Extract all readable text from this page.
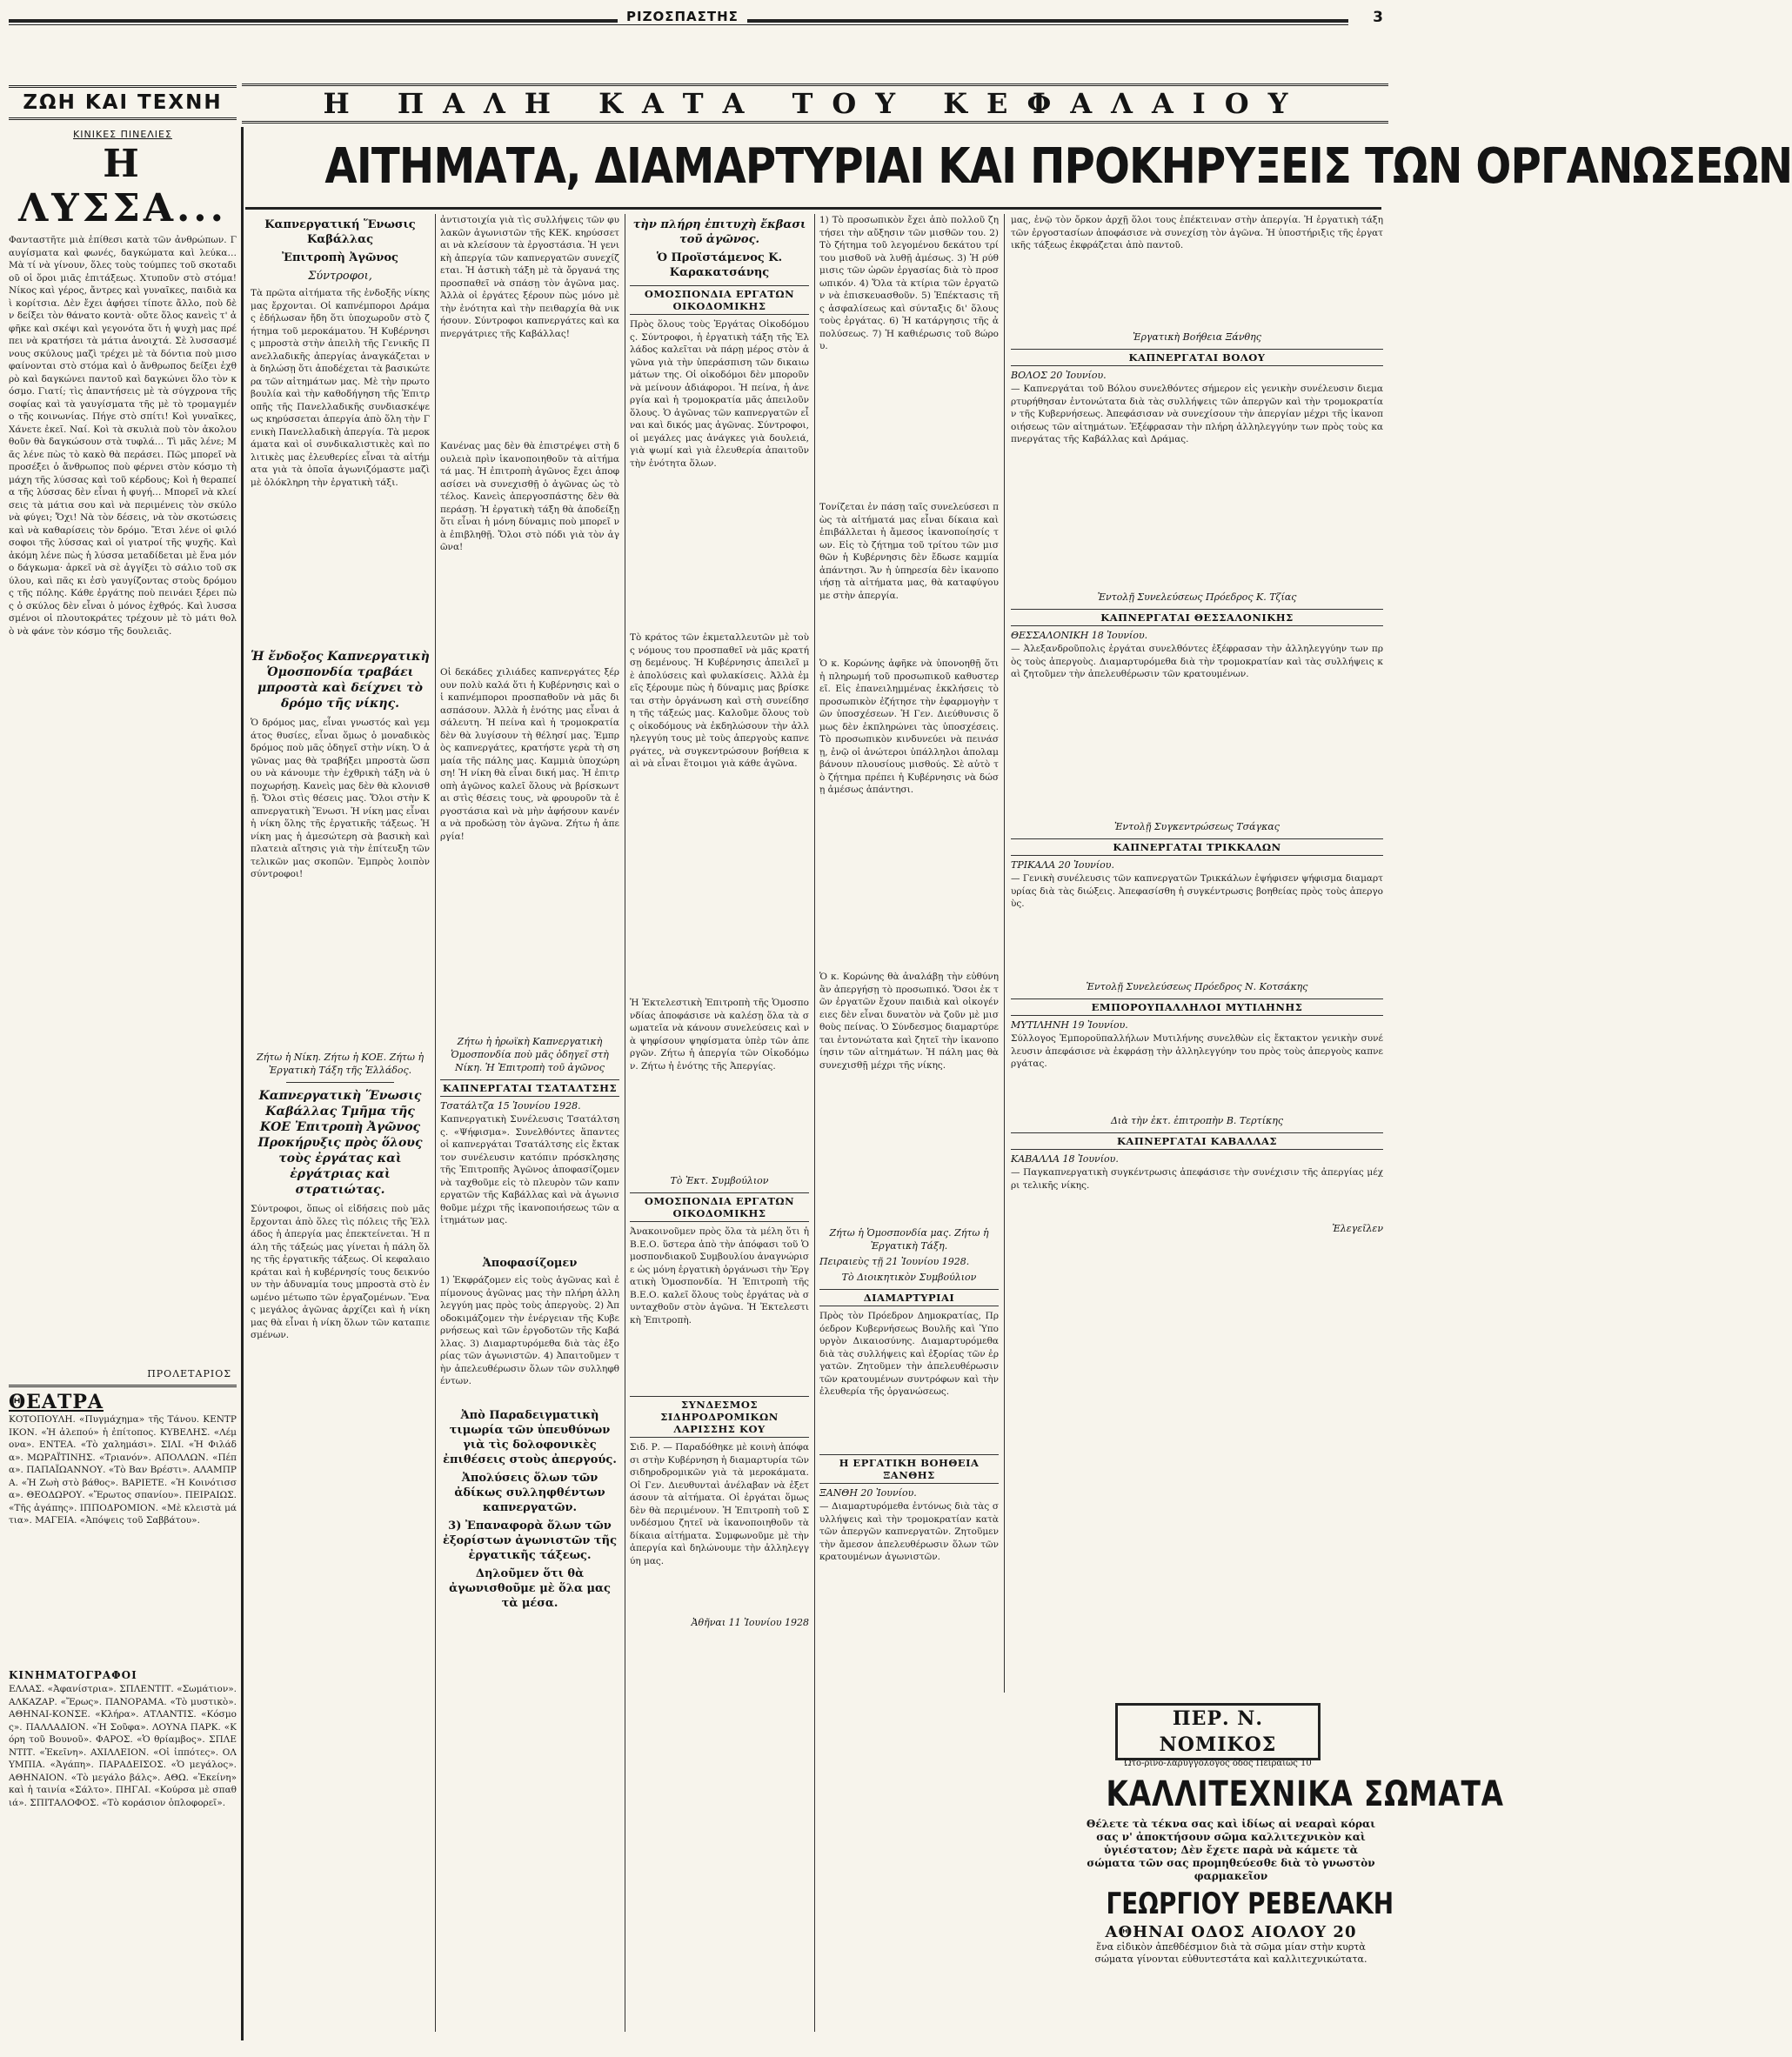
ΡΙΖΟΣΠΑΣΤΗΣ	3
ΖΩΗ ΚΑΙ ΤΕΧΝΗ	Η ΠΑΛΗ ΚΑΤΑ ΤΟΥ ΚΕΦΑΛΑΙΟΥ
ΚΙΝΙΚΕΣ ΠΙΝΕΛΙΕΣ
Η ΛΥΣΣΑ...
Φανταστῆτε μιὰ ἐπίθεσι κατὰ τῶν ἀνθρώπων. Γαυγίσματα καὶ φωνές, δαγκώματα καὶ λεύκα… Μὰ τί νὰ γίνουν, ὅλες τοὺς τούμπες τοῦ σκοταδιοῦ οἱ ὅροι μιᾶς ἐπιτάξεως. Χτυποῦν στὸ στόμα! Νίκος καὶ γέρος, ἄντρες καὶ γυναῖκες, παιδιὰ καὶ κορίτσια. Δὲν ἔχει ἀφήσει τίποτε ἄλλο, ποὺ δὲν δείξει τὸν θάνατο κοντὰ· οὔτε ὅλος κανεὶς τ' ἀφῆκε καὶ σκέψι καὶ γεγονότα ὅτι ἡ ψυχὴ μας πρέπει νὰ κρατήσει τὰ μάτια ἀνοιχτά. Σὲ λυσσασμένους σκύλους μαζὶ τρέχει μὲ τὰ δόντια ποὺ μισοφαίνονται στὸ στόμα καὶ ὁ ἄνθρωπος δείξει ἐχθρὸ καὶ δαγκώνει παντοῦ καὶ δαγκώνει ὅλο τὸν κόσμο. Γιατί; τὶς ἀπαντήσεις μὲ τὰ σύγχρονα τῆς σοφίας καὶ τὰ γαυγίσματα τῆς μὲ τὸ τρομαγμένο τῆς κοινωνίας. Πήγε στὸ σπίτι! Κοὶ γυναῖκες, Χάνετε ἐκεῖ. Ναί. Κοὶ τὰ σκυλιὰ ποὺ τὸν ἀκολουθοῦν θὰ δαγκώσουν στὰ τυφλά… Τὶ μᾶς λένε; Μᾶς λένε πὼς τὸ κακὸ θὰ περάσει. Πῶς μπορεῖ νὰ προσέξει ὁ ἄνθρωπος ποὺ φέρνει στὸν κόσμο τὴ μάχη τῆς λύσσας καὶ τοῦ κέρδους; Κοὶ ἡ θεραπεία τῆς λύσσας δὲν εἶναι ἡ φυγή… Μπορεῖ νὰ κλείσεις τὰ μάτια σου καὶ νὰ περιμένεις τὸν σκύλο νὰ φύγει; Ὄχι! Νὰ τὸν δέσεις, νὰ τὸν σκοτώσεις καὶ νὰ καθαρίσεις τὸν δρόμο. Ἔτσι λένε οἱ φιλόσοφοι τῆς λύσσας καὶ οἱ γιατροί τῆς ψυχῆς. Καὶ ἀκόμη λένε πὼς ἡ λύσσα μεταδίδεται μὲ ἕνα μόνο δάγκωμα· ἀρκεῖ νὰ σὲ ἀγγίξει τὸ σάλιο τοῦ σκύλου, καὶ πᾶς κι ἐσὺ γαυγίζοντας στοὺς δρόμους τῆς πόλης. Κάθε ἐργάτης ποὺ πεινάει ξέρει πὼς ὁ σκύλος δὲν εἶναι ὁ μόνος ἐχθρός. Καὶ λυσσασμένοι οἱ πλουτοκράτες τρέχουν μὲ τὸ μάτι θολὸ νὰ φάνε τὸν κόσμο τῆς δουλειᾶς.
ΠΡΟΛΕΤΑΡΙΟΣ
ΘΕΑΤΡΑ
ΚΟΤΟΠΟΥΛΗ. «Πυγμάχημα» τῆς Τάνου. ΚΕΝΤΡΙΚΟΝ. «Ἡ ἀλεπού» ἡ ἐπίτοπος. ΚΥΒΕΛΗΣ. «Λέμονα». ΕΝΤΕΑ. «Τὸ χαλημάσι». ΣΙΛΙ. «Ἡ Φιλάδα». ΜΩΡΑΪΤΙΝΗΣ. «Τριανόν». ΑΠΟΛΛΩΝ. «Πέπα». ΠΑΠΑΪΩΑΝΝΟΥ. «Τὸ Βαν Βρέστι». ΑΛΑΜΠΡΑ. «Ἡ Ζωὴ στὸ βάθος». ΒΑΡΙΕΤΕ. «Ἡ Κοινότισσα». ΘΕΟΔΩΡΟΥ. «Ἔρωτος σπανίου». ΠΕΙΡΑΙΩΣ. «Τῆς ἀγάπης». ΙΠΠΟΔΡΟΜΙΟΝ. «Μὲ κλειστὰ μάτια». ΜΑΓΕΙΑ. «Ἀπόψεις τοῦ Σαββάτου».
ΚΙΝΗΜΑΤΟΓΡΑΦΟΙ
ΕΛΛΑΣ. «Ἀφανίστρια». ΣΠΛΕΝΤΙΤ. «Σωμάτιον». ΑΛΚΑΖΑΡ. «Ἔρως». ΠΑΝΟΡΑΜΑ. «Τὸ μυστικὸ». ΑΘΗΝΑΙ-ΚΟΝΣΕ. «Κλήρα». ΑΤΛΑΝΤΙΣ. «Κόσμος». ΠΑΛΛΑΔΙΟΝ. «Ἡ Σοῦφα». ΛΟΥΝΑ ΠΑΡΚ. «Κόρη τοῦ Βουνοῦ». ΦΑΡΟΣ. «Ὁ θρίαμβος». ΣΠΛΕΝΤΙΤ. «Ἐκεῖνη». ΑΧΙΛΛΕΙΟΝ. «Οἱ ἱππότες». ΟΛΥΜΠΙΑ. «Ἀγάπη». ΠΑΡΑΔΕΙΣΟΣ. «Ὁ μεγάλος». ΑΘΗΝΑΙΟΝ. «Τὸ μεγάλο βάλς». ΑΘΩ. «Ἐκείνη» καὶ ἡ ταινία «Σάλτο». ΠΗΓΑΙ. «Κούρσα μὲ σπαθιά». ΣΠΙΤΑΛΟΦΟΣ. «Τὸ κοράσιον ὁπλοφορεῖ».
ΑΙΤΗΜΑΤΑ, ΔΙΑΜΑΡΤΥΡΙΑΙ ΚΑΙ ΠΡΟΚΗΡΥΞΕΙΣ ΤΩΝ ΟΡΓΑΝΩΣΕΩΝ
Καπνεργατική Ἕνωσις Καβάλλας
Ἐπιτροπὴ Ἀγῶνος
Σύντροφοι,
Τὰ πρῶτα αἰτήματα τῆς ἐνδοξῆς νίκης μας ἔρχονται. Οἱ καπνέμποροι Δράμας ἐδήλωσαν ἤδη ὅτι ὑποχωροῦν στὸ ζήτημα τοῦ μεροκάματου. Ἡ Κυβέρνησις μπροστὰ στὴν ἀπειλὴ τῆς Γενικῆς Πανελλαδικῆς ἀπεργίας ἀναγκάζεται νὰ δηλώσῃ ὅτι ἀποδέχεται τὰ βασικώτερα τῶν αἰτημάτων μας. Μὲ τὴν πρωτοβουλία καὶ τὴν καθοδήγηση τῆς Ἐπιτροπῆς τῆς Πανελλαδικῆς συνδιασκέψεως κηρύσσεται ἀπεργία ἀπὸ ὅλη τὴν Γενικὴ Πανελλαδικὴ ἀπεργία. Τὰ μεροκάματα καὶ οἱ συνδικαλιστικὲς καὶ πολιτικὲς μας ἐλευθερίες εἶναι τὰ αἰτήματα γιὰ τὰ ὁποῖα ἀγωνιζόμαστε μαζὶ μὲ ὁλόκληρη τὴν ἐργατικὴ τάξι.
Ἡ ἔνδοξος Καπνεργατικὴ Ὁμοσπονδία τραβάει μπροστὰ καὶ δείχνει τὸ δρόμο τῆς νίκης.
Ὁ δρόμος μας, εἶναι γνωστός καὶ γεμάτος θυσίες, εἶναι ὅμως ὁ μοναδικὸς δρόμος ποὺ μᾶς ὁδηγεῖ στὴν νίκη. Ὁ ἀγῶνας μας θὰ τραβήξει μπροστὰ ὥσπου νὰ κάνουμε τὴν ἐχθρικὴ τάξη νὰ ὑποχωρήσῃ. Κανεὶς μας δὲν θὰ κλονισθῇ. Ὅλοι στὶς θέσεις μας. Ὅλοι στὴν Καπνεργατικὴ Ἕνωσι. Ἡ νίκη μας εἶναι ἡ νίκη ὅλης τῆς ἐργατικῆς τάξεως. Ἡ νίκη μας ἡ ἀμεσώτερη σὰ βασικὴ καὶ πλατειὰ αἴτησις γιὰ τὴν ἐπίτευξη τῶν τελικῶν μας σκοπῶν. Ἐμπρὸς λοιπὸν σύντροφοι!
Ζήτω ἡ Νίκη. Ζήτω ἡ ΚΟΕ. Ζήτω ἡ Ἐργατικὴ Τάξη τῆς Ἑλλάδος.
Καπνεργατικὴ Ἕνωσις Καβάλλας Τμῆμα τῆς ΚΟΕ Ἐπιτροπὴ Ἀγῶνος Προκήρυξις πρὸς ὅλους τοὺς ἐργάτας καὶ ἐργάτριας καὶ στρατιώτας.
Σύντροφοι, ὅπως οἱ εἰδήσεις ποὺ μᾶς ἔρχονται ἀπὸ ὅλες τὶς πόλεις τῆς Ἑλλάδος ἡ ἀπεργία μας ἐπεκτείνεται. Ἡ πάλη τῆς τάξεώς μας γίνεται ἡ πάλη ὅλης τῆς ἐργατικῆς τάξεως. Οἱ κεφαλαιοκράται καὶ ἡ κυβέρνησίς τους δεικνύουν τὴν ἀδυναμία τους μπροστὰ στὸ ἑνωμένο μέτωπο τῶν ἐργαζομένων. Ἕνας μεγάλος ἀγῶνας ἀρχίζει καὶ ἡ νίκη μας θὰ εἶναι ἡ νίκη ὅλων τῶν καταπιεσμένων.
ἀντιστοιχία γιὰ τὶς συλλήψεις τῶν φυλακῶν ἀγωνιστῶν τῆς ΚΕΚ. κηρύσσεται νὰ κλείσουν τὰ ἐργοστάσια. Ἡ γενικὴ ἀπεργία τῶν καπνεργατῶν συνεχίζεται. Ἡ ἀστικὴ τάξη μὲ τὰ ὄργανά της προσπαθεῖ νὰ σπάσῃ τὸν ἀγῶνα μας. Ἀλλὰ οἱ ἐργάτες ξέρουν πὼς μόνο μὲ τὴν ἑνότητα καὶ τὴν πειθαρχία θὰ νικήσουν. Σύντροφοι καπνεργάτες καὶ καπνεργάτριες τῆς Καβάλλας!
Κανένας μας δὲν θὰ ἐπιστρέψει στὴ δουλειὰ πρὶν ἱκανοποιηθοῦν τὰ αἰτήματά μας. Ἡ ἐπιτροπὴ ἀγῶνος ἔχει ἀποφασίσει νὰ συνεχισθῇ ὁ ἀγῶνας ὡς τὸ τέλος. Κανεὶς ἀπεργοσπάστης δὲν θὰ περάσῃ. Ἡ ἐργατικὴ τάξη θὰ ἀποδείξῃ ὅτι εἶναι ἡ μόνη δύναμις ποὺ μπορεῖ νὰ ἐπιβληθῇ. Ὅλοι στὸ πόδι γιὰ τὸν ἀγῶνα!
Οἱ δεκάδες χιλιάδες καπνεργάτες ξέρουν πολὺ καλά ὅτι ἡ Κυβέρνησις καὶ οἱ καπνέμποροι προσπαθοῦν νὰ μᾶς διασπάσουν. Ἀλλὰ ἡ ἑνότης μας εἶναι ἀσάλευτη. Ἡ πείνα καὶ ἡ τρομοκρατία δὲν θὰ λυγίσουν τὴ θέλησί μας. Ἐμπρὸς καπνεργάτες, κρατήστε γερὰ τὴ σημαία τῆς πάλης μας. Καμμιὰ ὑποχώρηση! Ἡ νίκη θὰ εἶναι δική μας. Ἡ ἐπιτροπὴ ἀγῶνος καλεῖ ὅλους νὰ βρίσκωνται στὶς θέσεις τους, νὰ φρουροῦν τὰ ἐργοστάσια καὶ νὰ μὴν ἀφήσουν κανένα νὰ προδώσῃ τὸν ἀγῶνα. Ζήτω ἡ ἀπεργία!
Ζήτω ἡ ἡρωϊκὴ Καπνεργατικὴ Ὁμοσπονδία ποὺ μᾶς ὁδηγεῖ στὴ Νίκη. Ἡ Ἐπιτροπὴ τοῦ ἀγῶνος
ΚΑΠΝΕΡΓΑΤΑΙ ΤΣΑΤΑΛΤΣΗΣ
Τσατάλτζα 15 Ἰουνίου 1928.
Καπνεργατικὴ Συνέλευσις Τσατάλτσης. «Ψήφισμα». Συνελθόντες ἅπαντες οἱ καπνεργάται Τσατάλτσης εἰς ἔκτακτον συνέλευσιν κατόπιν πρόσκλησης τῆς Ἐπιτροπῆς Ἀγῶνος ἀποφασίζομεν νὰ ταχθοῦμε εἰς τὸ πλευρὸν τῶν καπνεργατῶν τῆς Καβάλλας καὶ νὰ ἀγωνισθοῦμε μέχρι τῆς ἱκανοποιήσεως τῶν αἰτημάτων μας.
Ἀποφασίζομεν
1) Ἐκφράζομεν εἰς τοὺς ἀγῶνας καὶ ἐπίμονους ἀγῶνας μας τὴν πλήρη ἀλληλεγγύη μας πρὸς τοὺς ἀπεργοὺς. 2) Ἀποδοκιμάζομεν τὴν ἐνέργειαν τῆς Κυβερνήσεως καὶ τῶν ἐργοδοτῶν τῆς Καβάλλας. 3) Διαμαρτυρόμεθα διὰ τὰς ἐξορίας τῶν ἀγωνιστῶν. 4) Ἀπαιτοῦμεν τὴν ἀπελευθέρωσιν ὅλων τῶν συλληφθέντων.
Ἀπὸ Παραδειγματικὴ τιμωρία τῶν ὑπευθύνων γιὰ τὶς δολοφονικὲς ἐπιθέσεις στοὺς ἀπεργούς.
Ἀπολύσεις ὅλων τῶν ἀδίκως συλληφθέντων καπνεργατῶν.
3) Ἐπαναφορὰ ὅλων τῶν ἐξορίστων ἀγωνιστῶν τῆς ἐργατικῆς τάξεως.
Δηλοῦμεν ὅτι θὰ ἀγωνισθοῦμε μὲ ὅλα μας τὰ μέσα.
τὴν πλήρη ἐπιτυχὴ ἔκβασι τοῦ ἀγῶνος.
Ὁ Προϊστάμενος Κ. Καρακατσάνης
ΟΜΟΣΠΟΝΔΙΑ ΕΡΓΑΤΩΝ ΟΙΚΟΔΟΜΙΚΗΣ
Πρὸς ὅλους τοὺς Ἐργάτας Οἰκοδόμους. Σύντροφοι, ἡ ἐργατικὴ τάξη τῆς Ἑλλάδος καλεῖται νὰ πάρῃ μέρος στὸν ἀγῶνα γιὰ τὴν ὑπεράσπιση τῶν δικαιωμάτων της. Οἱ οἰκοδόμοι δὲν μποροῦν νὰ μείνουν ἀδιάφοροι. Ἡ πείνα, ἡ ἀνεργία καὶ ἡ τρομοκρατία μᾶς ἀπειλοῦν ὅλους. Ὁ ἀγῶνας τῶν καπνεργατῶν εἶναι καὶ δικός μας ἀγῶνας. Σύντροφοι, οἱ μεγάλες μας ἀνάγκες γιὰ δουλειά, γιὰ ψωμί καὶ γιὰ ἐλευθερία ἀπαιτοῦν τὴν ἑνότητα ὅλων.
Τὸ κράτος τῶν ἐκμεταλλευτῶν μὲ τοὺς νόμους του προσπαθεῖ νὰ μᾶς κρατήσῃ δεμένους. Ἡ Κυβέρνησις ἀπειλεῖ μὲ ἀπολύσεις καὶ φυλακίσεις. Ἀλλὰ ἐμεῖς ξέρουμε πὼς ἡ δύναμις μας βρίσκεται στὴν ὀργάνωση καὶ στὴ συνείδηση τῆς τάξεώς μας. Καλοῦμε ὅλους τοὺς οἰκοδόμους νὰ ἐκδηλώσουν τὴν ἀλληλεγγύη τους μὲ τοὺς ἀπεργοὺς καπνεργάτες, νὰ συγκεντρώσουν βοήθεια καὶ νὰ εἶναι ἕτοιμοι γιὰ κάθε ἀγῶνα.
Ἡ Ἐκτελεστικὴ Ἐπιτροπὴ τῆς Ὁμοσπονδίας ἀποφάσισε νὰ καλέσῃ ὅλα τὰ σωματεῖα νὰ κάνουν συνελεύσεις καὶ νὰ ψηφίσουν ψηφίσματα ὑπὲρ τῶν ἀπεργῶν. Ζήτω ἡ ἀπεργία τῶν Οἰκοδόμων. Ζήτω ἡ ἑνότης τῆς Ἀπεργίας.
Τὸ Ἐκτ. Συμβούλιον
ΟΜΟΣΠΟΝΔΙΑ ΕΡΓΑΤΩΝ ΟΙΚΟΔΟΜΙΚΗΣ
Ἀνακοινοῦμεν πρὸς ὅλα τὰ μέλη ὅτι ἡ Β.Ε.Ο. ὕστερα ἀπὸ τὴν ἀπόφασι τοῦ Ὁμοσπονδιακοῦ Συμβουλίου ἀναγνώρισε ὡς μόνη ἐργατικὴ ὀργάνωσι τὴν Ἐργατικὴ Ὁμοσπονδία. Ἡ Ἐπιτροπὴ τῆς Β.Ε.Ο. καλεῖ ὅλους τοὺς ἐργάτας νὰ συνταχθοῦν στὸν ἀγῶνα. Ἡ Ἐκτελεστικὴ Ἐπιτροπὴ.
ΣΥΝΔΕΣΜΟΣ ΣΙΔΗΡΟΔΡΟΜΙΚΩΝ ΛΑΡΙΣΣΗΣ ΚΟΥ
Σιδ. Ρ. — Παραδόθηκε μὲ κοινὴ ἀπόφασι στὴν Κυβέρνηση ἡ διαμαρτυρία τῶν σιδηροδρομικῶν γιὰ τὰ μεροκάματα. Οἱ Γεν. Διευθυνταὶ ἀνέλαβαν νὰ ἐξετάσουν τὰ αἰτήματα. Οἱ ἐργάται ὅμως δὲν θὰ περιμένουν. Ἡ Ἐπιτροπὴ τοῦ Συνδέσμου ζητεῖ νὰ ἱκανοποιηθοῦν τὰ δίκαια αἰτήματα. Συμφωνοῦμε μὲ τὴν ἀπεργία καὶ δηλώνουμε τὴν ἀλληλεγγύη μας.
Ἀθῆναι 11 Ἰουνίου 1928
1) Τὸ προσωπικὸν ἔχει ἀπὸ πολλοῦ ζητήσει τὴν αὔξησιν τῶν μισθῶν του. 2) Τὸ ζήτημα τοῦ λεγομένου δεκάτου τρίτου μισθοῦ νὰ λυθῇ ἀμέσως. 3) Ἡ ρύθμισις τῶν ὡρῶν ἐργασίας διὰ τὸ προσωπικόν. 4) Ὅλα τὰ κτίρια τῶν ἐργατῶν νὰ ἐπισκευασθοῦν. 5) Ἐπέκτασις τῆς ἀσφαλίσεως καὶ σύνταξις δι' ὅλους τοὺς ἐργάτας. 6) Ἡ κατάργησις τῆς ἀπολύσεως. 7) Ἡ καθιέρωσις τοῦ 8ώρου.
Τονίζεται ἐν πάσῃ ταῖς συνελεύσεσι πὼς τὰ αἰτήματά μας εἶναι δίκαια καὶ ἐπιβάλλεται ἡ ἄμεσος ἱκανοποίησίς των. Εἰς τὸ ζήτημα τοῦ τρίτου τῶν μισθῶν ἡ Κυβέρνησις δὲν ἔδωσε καμμία ἀπάντησι. Ἄν ἡ ὑπηρεσία δὲν ἱκανοποιήσῃ τὰ αἰτήματα μας, θὰ καταφύγουμε στὴν ἀπεργία.
Ὁ κ. Κορώνης ἀφῆκε νὰ ὑπονοηθῇ ὅτι ἡ πληρωμή τοῦ προσωπικοῦ καθυστερεῖ. Εἰς ἐπανειλημμένας ἐκκλήσεις τὸ προσωπικὸν ἐζήτησε τὴν ἐφαρμογὴν τῶν ὑποσχέσεων. Ἡ Γεν. Διεύθυνσις ὅμως δὲν ἐκπληρώνει τὰς ὑποσχέσεις. Τὸ προσωπικὸν κινδυνεύει νὰ πεινάσῃ, ἐνῷ οἱ ἀνώτεροι ὑπάλληλοι ἀπολαμβάνουν πλουσίους μισθούς. Σὲ αὐτὸ τὸ ζήτημα πρέπει ἡ Κυβέρνησις νὰ δώσῃ ἀμέσως ἀπάντησι.
Ὁ κ. Κορώνης θὰ ἀναλάβῃ τὴν εὐθύνη ἂν ἀπεργήσῃ τὸ προσωπικό. Ὅσοι ἐκ τῶν ἐργατῶν ἔχουν παιδιὰ καὶ οἰκογένειες δὲν εἶναι δυνατὸν νὰ ζοῦν μὲ μισθοὺς πείνας. Ὁ Σύνδεσμος διαμαρτύρεται ἐντονώτατα καὶ ζητεῖ τὴν ἱκανοποίησιν τῶν αἰτημάτων. Ἡ πάλη μας θὰ συνεχισθῇ μέχρι τῆς νίκης.
Ζήτω ἡ Ὁμοσπονδία μας. Ζήτω ἡ Ἐργατικὴ Τάξη.
Πειραιεὺς τῇ 21 Ἰουνίου 1928.
Τὸ Διοικητικὸν Συμβούλιον
ΔΙΑΜΑΡΤΥΡΙΑΙ
Πρὸς τὸν Πρόεδρον Δημοκρατίας, Πρόεδρον Κυβερνήσεως Βουλῆς καὶ Ὑπουργὸν Δικαιοσύνης. Διαμαρτυρόμεθα διὰ τὰς συλλήψεις καὶ ἐξορίας τῶν ἐργατῶν. Ζητοῦμεν τὴν ἀπελευθέρωσιν τῶν κρατουμένων συντρόφων καὶ τὴν ἐλευθερία τῆς ὀργανώσεως.
Η ΕΡΓΑΤΙΚΗ ΒΟΗΘΕΙΑ ΞΑΝΘΗΣ
ΞΑΝΘΗ 20 Ἰουνίου.
— Διαμαρτυρόμεθα ἐντόνως διὰ τὰς συλλήψεις καὶ τὴν τρομοκρατίαν κατὰ τῶν ἀπεργῶν καπνεργατῶν. Ζητοῦμεν τὴν ἄμεσον ἀπελευθέρωσιν ὅλων τῶν κρατουμένων ἀγωνιστῶν.
μας, ἐνῷ τὸν ὄρκον ἀρχῇ ὅλοι τους ἐπέκτειναν στὴν ἀπεργία. Ἡ ἐργατικὴ τάξη τῶν ἐργοστασίων ἀποφάσισε νὰ συνεχίσῃ τὸν ἀγῶνα. Ἡ ὑποστήριξις τῆς ἐργατικῆς τάξεως ἐκφράζεται ἀπὸ παντοῦ.
Ἐργατικὴ Βοήθεια Ξάνθης
ΚΑΠΝΕΡΓΑΤΑΙ ΒΟΛΟΥ
ΒΟΛΟΣ 20 Ἰουνίου.
— Καπνεργάται τοῦ Βόλου συνελθόντες σήμερον εἰς γενικὴν συνέλευσιν διεμαρτυρήθησαν ἐντονώτατα διὰ τὰς συλλήψεις τῶν ἀπεργῶν καὶ τὴν τρομοκρατίαν τῆς Κυβερνήσεως. Ἀπεφάσισαν νὰ συνεχίσουν τὴν ἀπεργίαν μέχρι τῆς ἱκανοποιήσεως τῶν αἰτημάτων. Ἐξέφρασαν τὴν πλήρη ἀλληλεγγύην των πρὸς τοὺς καπνεργάτας τῆς Καβάλλας καὶ Δράμας.
Ἐντολῇ Συνελεύσεως Πρόεδρος Κ. Τζίας
ΚΑΠΝΕΡΓΑΤΑΙ ΘΕΣΣΑΛΟΝΙΚΗΣ
ΘΕΣΣΑΛΟΝΙΚΗ 18 Ἰουνίου.
— Ἀλεξανδροῦπολις ἐργάται συνελθόντες ἐξέφρασαν τὴν ἀλληλεγγύην των πρὸς τοὺς ἀπεργοὺς. Διαμαρτυρόμεθα διὰ τὴν τρομοκρατίαν καὶ τὰς συλλήψεις καὶ ζητοῦμεν τὴν ἀπελευθέρωσιν τῶν κρατουμένων.
Ἐντολῇ Συγκεντρώσεως Τσάγκας
ΚΑΠΝΕΡΓΑΤΑΙ ΤΡΙΚΚΑΛΩΝ
ΤΡΙΚΑΛΑ 20 Ἰουνίου.
— Γενικὴ συνέλευσις τῶν καπνεργατῶν Τρικκάλων ἐψήφισεν ψήφισμα διαμαρτυρίας διὰ τὰς διώξεις. Ἀπεφασίσθη ἡ συγκέντρωσις βοηθείας πρὸς τοὺς ἀπεργοὺς.
Ἐντολῇ Συνελεύσεως Πρόεδρος Ν. Κοτσάκης
ΕΜΠΟΡΟΥΠΑΛΛΗΛΟΙ ΜΥΤΙΛΗΝΗΣ
ΜΥΤΙΛΗΝΗ 19 Ἰουνίου.
Σύλλογος Ἐμποροϋπαλλήλων Μυτιλήνης συνελθὼν εἰς ἔκτακτον γενικὴν συνέλευσιν ἀπεφάσισε νὰ ἐκφράσῃ τὴν ἀλληλεγγύην του πρὸς τοὺς ἀπεργοὺς καπνεργάτας.
Διὰ τὴν ἐκτ. ἐπιτροπὴν Β. Τερτίκης
ΚΑΠΝΕΡΓΑΤΑΙ ΚΑΒΑΛΛΑΣ
ΚΑΒΑΛΛΑ 18 Ἰουνίου.
— Παγκαπνεργατικὴ συγκέντρωσις ἀπεφάσισε τὴν συνέχισιν τῆς ἀπεργίας μέχρι τελικῆς νίκης.
Ἐλεγεῖλεν
ΠΕΡ. Ν. ΝΟΜΙΚΟΣ
Ὠτο-ρινο-λαρυγγολόγος ὁδὸς Πειραιῶς 10
ΚΑΛΛΙΤΕΧΝΙΚΑ ΣΩΜΑΤΑ
Θέλετε τὰ τέκνα σας καὶ ἰδίως αἱ νεαραὶ κόραι σας ν' ἀποκτήσουν σῶμα καλλιτεχνικὸν καὶ ὑγιέστατον; Δὲν ἔχετε παρὰ νὰ κάμετε τὰ σώματα τῶν σας προμηθεύεσθε διὰ τὸ γνωστὸν φαρμακεῖον
ΓΕΩΡΓΙΟΥ ΡΕΒΕΛΑΚΗ
ΑΘΗΝΑΙ ΟΔΟΣ ΑΙΟΛΟΥ 20
ἕνα εἰδικὸν ἀπεθδέσμιον διὰ τὰ σῶμα μίαν στὴν κυρτὰ σώματα γίνονται εὐθυντεστάτα καὶ καλλιτεχνικώτατα.
